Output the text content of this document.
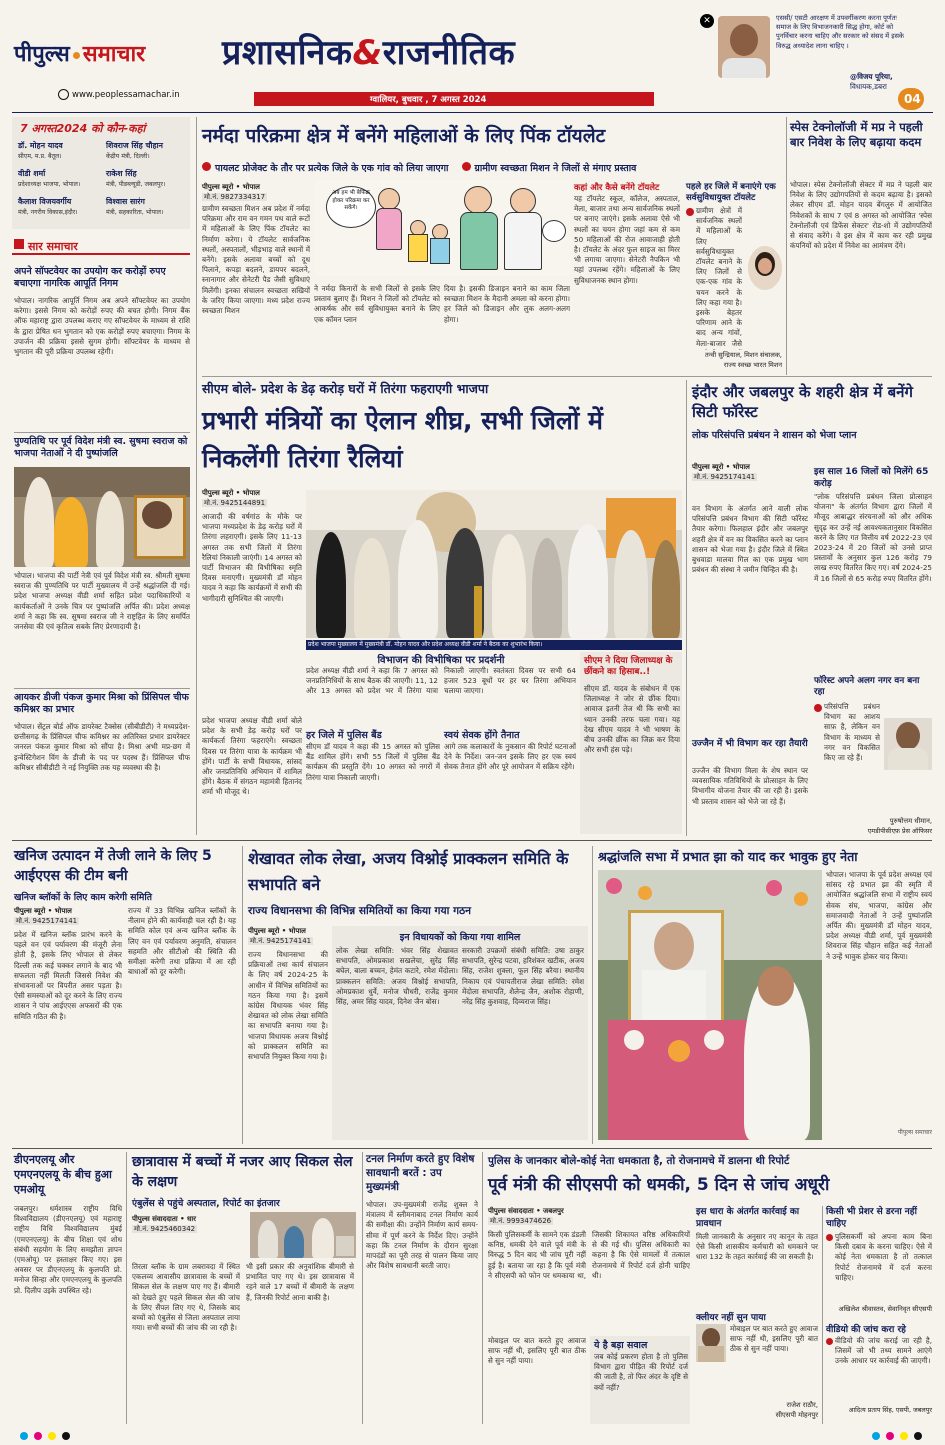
पीपुल्स समाचार
www.peoplessamachar.in
प्रशासनिक&राजनीतिक
ग्वालियर, बुधवार , 7 अगस्त 2024
✕	एससी/ एसटी आरक्षण में उपवर्गीकरण करना पूर्णतः समाज के लिए विभाजनकारी सिद्ध होगा, कोर्ट को पुनर्विचार करना चाहिए और सरकार को संसद में इसके विरुद्ध अध्यादेश लाना चाहिए ।
@विजय पूरिया,
विधायक,डबरा
04
7 अगस्त2024 को कौन-कहां
डॉ. मोहन यादव
सीएम, म.प्र. बैतूल।
शिवराज सिंह चौहान
केंद्रीय मंत्री, दिल्ली।
वीडी शर्मा
प्रदेशाध्यक्ष भाजपा, भोपाल।
राकेश सिंह
मंत्री, पीडब्ल्यूडी, जबलपुर।
कैलाश विजयवर्गीय
मंत्री, नगरीय विकास,इंदौर।
विश्वास सारंग
मंत्री, सहकारिता, भोपाल।
सार समाचार
अपने सॉफ्टवेयर का उपयोग कर करोड़ों रुपए बचाएगा नागरिक आपूर्ति निगम
भोपाल। नागरिक आपूर्ति निगम अब अपने सॉफ्टवेयर का उपयोग करेगा। इससे निगम को करोड़ों रुपए की बचत होगी। निगम बैंक ऑफ महाराष्ट्र द्वारा उपलब्ध कराए गए सॉफ्टवेयर के माध्यम से राशि के द्वारा प्रेषित धन भुगतान को एक करोड़ों रुपए बचाएगा। निगम के उपार्जन की प्रक्रिया इससे सुगम होगी। सॉफ्टवेयर के माध्यम से भुगतान की पूरी प्रक्रिया उपलब्ध रहेगी।
पुण्यतिथि पर पूर्व विदेश मंत्री स्व. सुषमा स्वराज को भाजपा नेताओं ने दी पुष्पांजलि
भोपाल। भाजपा की पार्टी नेत्री एवं पूर्व विदेश मंत्री स्व. श्रीमती सुषमा स्वराज की पुण्यतिथि पर पार्टी मुख्यालय में उन्हें श्रद्धांजलि दी गई। प्रदेश भाजपा अध्यक्ष वीडी शर्मा सहित प्रदेश पदाधिकारियों व कार्यकर्ताओं ने उनके चित्र पर पुष्पांजलि अर्पित की। प्रदेश अध्यक्ष शर्मा ने कहा कि स्व. सुषमा स्वराज जी ने राष्ट्रहित के लिए समर्पित जनसेवा की एवं कृतित्व सबके लिए प्रेरणादायी है।
आयकर डीजी पंकज कुमार मिश्रा को प्रिंसिपल चीफ कमिश्नर का प्रभार
भोपाल। सेंट्रल बोर्ड ऑफ डायरेक्ट टैक्सेस (सीबीडीटी) ने मध्यप्रदेश-छत्तीसगढ़ के प्रिंसिपल चीफ कमिश्नर का अतिरिक्त प्रभार डायरेक्टर जनरल पंकज कुमार मिश्रा को सौंपा है। मिश्रा अभी मप्र-छग में इन्वेस्टिगेशन विंग के डीजी के पद पर पदस्थ हैं। प्रिंसिपल चीफ कमिश्नर सीबीडीटी ने नई नियुक्ति तक यह व्यवस्था की है।
नर्मदा परिक्रमा क्षेत्र में बनेंगे महिलाओं के लिए पिंक टॉयलेट
पायलट प्रोजेक्ट के तौर पर प्रत्येक जिले के एक गांव को लिया जाएगा	ग्रामीण स्वच्छता मिशन ने जिलों से मंगाए प्रस्ताव
पीपुल्स ब्यूरो • भोपाल
मो.नं. 9827334317
ग्रामीण स्वच्छता मिशन अब प्रदेश में नर्मदा परिक्रमा और राम वन गमन पथ वाले रूटों में महिलाओं के लिए पिंक टॉयलेट का निर्माण करेगा। ये टॉयलेट सार्वजनिक स्थलों, अस्पतालों, भीड़भाड़ वाले स्थानों में बनेंगे। इसके अलावा बच्चों को दूध पिलाने, कपड़ा बदलने, डायपर बदलने, स्नानागार और सेनेटरी पैड जैसी सुविधाएं मिलेंगी। इनका संचालन स्वच्छता सखियों के जरिए किया जाएगा। मध्य प्रदेश राज्य स्वच्छता मिशन
अब हम भी बेफिक्र होकर परिक्रमा कर सकेंगे।
ने नर्मदा किनारों के सभी जिलों से इसके लिए प्रस्ताव बुलाए हैं। मिशन ने जिलों को टॉयलेट को आकर्षक और सर्व सुविधायुक्त बनाने के लिए एक कॉमन प्लान
दिया है। इसकी डिजाइन बनाने का काम जिला स्वच्छता मिशन के मैदानी अमला को करना होगा। हर जिले को डिजाइन और लुक अलग-अलग होगा।
कहां और कैसे बनेंगे टॉयलेट
यह टॉयलेट स्कूल, कॉलेज, अस्पताल, मेला, बाजार तथा अन्य सार्वजनिक स्थलों पर बनाए जाएंगे। इसके अलावा ऐसे भी स्थलों का चयन होगा जहां कम से कम 50 महिलाओं की रोज आवाजाही होती है। टॉयलेट के अंदर फुल साइज का मिरर भी लगाया जाएगा। सेनेटरी नैपकिन भी यहां उपलब्ध रहेंगे। महिलाओं के लिए सुविधाजनक स्थान होगा।
पहले हर जिले में बनाएंगे एक सर्वसुविधायुक्त टॉयलेट
ग्रामीण क्षेत्रों में सार्वजनिक स्थलों में महिलाओं के लिए सर्वसुविधायुक्त टॉयलेट बनाने के लिए जिलों से एक-एक गांव के चयन करने के लिए कहा गया है। इसके बेहतर परिणाम आने के बाद अन्य गांवों, मेला-बाजार जैसे
तन्वी सुन्द्रियाल, मिशन संचालक,
राज्य स्वच्छ भारत मिशन
स्पेस टेक्नोलॉजी में मप्र ने पहली बार निवेश के लिए बढ़ाया कदम
भोपाल। स्पेस टेक्नोलॉजी सेक्टर में मप्र ने पहली बार निवेश के लिए उद्योगपतियों से कदम बढ़ाया है। इसको लेकर सीएम डॉ. मोहन यादव बेंगलुरु में आयोजित निवेशकों के साथ 7 एवं 8 अगस्त को आयोजित 'स्पेस टेक्नोलॉजी एवं डिफेंस सेक्टर' रोड-शो में उद्योगपतियों से संवाद करेंगे। वे इस क्षेत्र में काम कर रही प्रमुख कंपनियों को प्रदेश में निवेश का आमंत्रण देंगे।
सीएम बोले- प्रदेश के डेढ़ करोड़ घरों में तिरंगा फहराएगी भाजपा
प्रभारी मंत्रियों का ऐलान शीघ्र, सभी जिलों में निकलेंगी तिरंगा रैलियां
पीपुल्स ब्यूरो • भोपाल
मो.नं. 9425144891
आजादी की वर्षगांठ के मौके पर भाजपा मध्यप्रदेश के डेढ़ करोड़ घरों में तिरंगा लहराएगी। इसके लिए 11-13 अगस्त तक सभी जिलों में तिरंगा रैलियां निकाली जाएंगी। 14 अगस्त को पार्टी विभाजन की विभीषिका स्मृति दिवस मनाएगी। मुख्यमंत्री डॉ मोहन यादव ने कहा कि कार्यक्रमों में सभी की भागीदारी सुनिश्चित की जाएगी।
प्रदेश भाजपा अध्यक्ष वीडी शर्मा बोले प्रदेश के सभी डेढ़ करोड़ घरों पर कार्यकर्ता तिरंगा फहराएंगे। स्वच्छता दिवस पर तिरंगा यात्रा के कार्यक्रम भी होंगे। पार्टी के सभी विधायक, सांसद और जनप्रतिनिधि अभियान में शामिल होंगे। बैठक में संगठन महामंत्री हितानंद शर्मा भी मौजूद थे।
प्रदेश भाजपा मुख्यालय में मुख्यमंत्री डॉ. मोहन यादव और प्रदेश अध्यक्ष वीडी शर्मा ने बैठक का शुभारंभ किया।
विभाजन की विभीषिका पर प्रदर्शनी
प्रदेश अध्यक्ष वीडी शर्मा ने कहा कि 7 अगस्त को जनप्रतिनिधियों के साथ बैठक की जाएगी। 11, 12 और 13 अगस्त को प्रदेश भर में तिरंगा यात्रा निकाली जाएगी। स्वतंत्रता दिवस पर सभी 64 हजार 523 बूथों पर हर घर तिरंगा अभियान चलाया जाएगा।
हर जिले में पुलिस बैंड
सीएम डॉ यादव ने कहा की 15 अगस्त को पुलिस बैंड शामिल होंगे। सभी 55 जिलों में पुलिस बैंड कार्यक्रम की प्रस्तुति देंगे। 10 अगस्त को नगरों में तिरंगा यात्रा निकाली जाएगी।
स्वयं सेवक होंगे तैनात
आगे तक कलाकारों के नुकसान की रिपोर्ट घटनाओं देने के निर्देश। जन-जन इसके लिए हर एक स्वयं सेवक तैनात होंगे और पूरे आयोजन में सक्रिय रहेंगे।
सीएम ने दिया जिलाध्यक्ष के छींकने का हिसाब..!
सीएम डॉ. यादव के संबोधन में एक जिलाध्यक्ष ने जोर से छींक दिया। आवाज इतनी तेज थी कि सभी का ध्यान उनकी तरफ चला गया। यह देख सीएम यादव ने भी भाषण के बीच उनकी छींक का जिक्र कर दिया और सभी हंस पड़े।
इंदौर और जबलपुर के शहरी क्षेत्र में बनेंगे सिटी फॉरेस्ट
लोक परिसंपत्ति प्रबंधन ने शासन को भेजा प्लान
पीपुल्स ब्यूरो • भोपाल
मो.नं. 9425174141
वन विभाग के अंतर्गत आने वाली लोक परिसंपत्ति प्रबंधन विभाग की सिटी फॉरेस्ट तैयार करेगा। फिलहाल इंदौर और जबलपुर शहरी क्षेत्र में वन का विकसित करने का प्लान शासन को भेजा गया है। इंदौर जिले में स्थित बुधवाडा मालवा गिल का एक प्रमुख भाग प्रबंधन की संस्था ने जमीन चिन्हित की है।
उज्जैन में भी विभाग कर रहा तैयारी
उज्जैन की विभाग मिला के शेष स्थान पर व्यवसायिक गतिविधियों के प्रोत्साहन के लिए विभागीय योजना तैयार की जा रही है। इसके भी प्रस्ताव शासन को भेजे जा रहे हैं।
इस साल 16 जिलों को मिलेंगे 65 करोड़
"लोक परिसंपत्ति प्रबंधन जिला प्रोत्साहन योजना" के अंतर्गत विभाग द्वारा जिलों में मौजूद आबाद्धर संरचनाओं को और अधिक सुदृढ़ कर उन्हें नई आवश्यकतानुसार विकसित करने के लिए गत वित्तीय वर्ष 2022-23 एवं 2023-24 में 20 जिलों को उनसे प्राप्त प्रस्तावों के अनुसार कुल 126 करोड़ 79 लाख रुपए वितरित किए गए। वर्ष 2024-25 में 16 जिलों से 65 करोड़ रुपए वितरित होंगे।
फॉरेस्ट अपने अलग नगर वन बना रहा
परिसंपत्ति प्रबंधन विभाग का आशय साफ़ है, लेकिन वन विभाग के माध्यम से नगर वन विकसित किए जा रहे हैं।
पुरुषोत्तम धीमान,
एमडीपीसीएफ़ प्रेस ऑफिसर
खनिज उत्पादन में तेजी लाने के लिए 5 आईएएस की टीम बनी
खनिज ब्लॉकों के लिए काम करेगी समिति
पीपुल्स ब्यूरो • भोपाल
मो.नं. 9425174141
प्रदेश में खनिज ब्लॉक प्रारंभ करने के पहले वन एवं पर्यावरण की मंजूरी लेना होती है, इसके लिए भोपाल से लेकर दिल्ली तक कई चक्कर लगाने के बाद भी सफलता नहीं मिलती जिससे निवेश की संभावनाओं पर विपरीत असर पड़ता है। ऐसी समस्याओं को दूर करने के लिए राज्य शासन ने पांच आईएएस अफसरों की एक समिति गठित की है।
राज्य में 33 विभिन्न खनिज ब्लॉकों के नीलाम होने की कार्यवाही चल रही है। यह समिति कोल एवं अन्य खनिज ब्लॉक के लिए वन एवं पर्यावरण अनुमति, संचालन सहमति और सीटीओ की स्थिति की समीक्षा करेगी तथा प्रक्रिया में आ रही बाधाओं को दूर करेगी।
शेखावत लोक लेखा, अजय विश्नोई प्राक्कलन समिति के सभापति बने
राज्य विधानसभा की विभिन्न समितियों का किया गया गठन
पीपुल्स ब्यूरो • भोपाल
मो.नं. 9425174141
राज्य विधानसभा की प्रक्रियाओं तथा कार्य संचालन के लिए वर्ष 2024-25 के आधीन में विभिन्न समितियों का गठन किया गया है। इसमें कांग्रेस विधायक भंवर सिंह शेखावत को लोक लेखा समिति का सभापति बनाया गया है। भाजपा विधायक अजय विश्नोई को प्राक्कलन समिति का सभापति नियुक्त किया गया है।
इन विधायकों को किया गया शामिल
लोक लेखा समिति: भंवर सिंह शेखावत सभापति, ओमप्रकाश सखलेचा, सुरेंद्र सिंह बघेल, बाला बच्चन, हेमंत कटारे, रमेश मेंदोला। प्राक्कलन समिति: अजय विश्नोई सभापति, ओमप्रकाश धुर्वे, मनोज चौधरी, राजेंद्र कुमार सिंह, अमर सिंह यादव, दिनेश जैन बोस।
सरकारी उपक्रमों संबंधी समिति: उषा ठाकुर सभापति, सुरेन्द्र पटवा, हरिशंकर खटीक, अजय सिंह, राजेश शुक्ला, फूल सिंह बरैया। स्थानीय निकाय एवं पंचायतीराज लेखा समिति: रमेश मेंदोला सभापति, शैलेन्द्र जैन, अशोक रोहाणी, नरेंद्र सिंह कुशवाह, दिव्यराज सिंह।
श्रद्धांजलि सभा में प्रभात झा को याद कर भावुक हुए नेता
भोपाल। भाजपा के पूर्व प्रदेश अध्यक्ष एवं सांसद रहे प्रभात झा की स्मृति में आयोजित श्रद्धांजलि सभा में राष्ट्रीय स्वयं सेवक संघ, भाजपा, कांग्रेस और समाजवादी नेताओं ने उन्हें पुष्पांजलि अर्पित की। मुख्यमंत्री डॉ मोहन यादव, प्रदेश अध्यक्ष वीडी शर्मा, पूर्व मुख्यमंत्री शिवराज सिंह चौहान सहित कई नेताओं ने उन्हें भावुक होकर याद किया।
पीपुल्स समाचार
डीएनएलयू और एमएनएलयू के बीच हुआ एमओयू
जबलपुर। धर्मशास्त्र राष्ट्रीय विधि विश्वविद्यालय (डीएनएलयू) एवं महाराष्ट्र राष्ट्रीय विधि विश्वविद्यालय मुंबई (एमएनएलयू) के बीच शिक्षा एवं शोध संबंधी सहयोग के लिए समझौता ज्ञापन (एमओयू) पर हस्ताक्षर किए गए। इस अवसर पर डीएनएलयू के कुलपति प्रो. मनोज सिन्हा और एमएनएलयू के कुलपति प्रो. दिलीप उइके उपस्थित रहे।
छात्रावास में बच्चों में नजर आए सिकल सेल के लक्षण
एंबुलेंस से पहुंचे अस्पताल, रिपोर्ट का इंतजार
पीपुल्स संवाददाता • धार
मो.नं. 9425460342
तिरला ब्लॉक के ग्राम लबरावदा में स्थित एकलव्य आवासीय छात्रावास के बच्चों में सिकल सेल के लक्षण पाए गए हैं। बीमारी को देखते हुए पहले सिकल सेल की जांच के लिए सैंपल लिए गए थे, जिसके बाद बच्चों को एंबुलेंस से जिला अस्पताल लाया गया। सभी बच्चों की जांच की जा रही है।
भी इसी प्रकार की अनुवांशिक बीमारी से प्रभावित पाए गए थे। इस छात्रावास में रहने वाले 17 बच्चों में बीमारी के लक्षण हैं, जिनकी रिपोर्ट आना बाकी है।
टनल निर्माण करते हुए विशेष सावधानी बरतें : उप मुख्यमंत्री
भोपाल। उप-मुख्यमंत्री राजेंद्र शुक्ल ने मंत्रालय में स्लीमनाबाद टनल निर्माण कार्य की समीक्षा की। उन्होंने निर्माण कार्य समय-सीमा में पूर्ण करने के निर्देश दिए। उन्होंने कहा कि टनल निर्माण के दौरान सुरक्षा मापदंडों का पूरी तरह से पालन किया जाए और विशेष सावधानी बरती जाए।
पुलिस के जानकार बोले-कोई नेता धमकाता है, तो रोजनामचे में डालना थी रिपोर्ट
पूर्व मंत्री की सीएसपी को धमकी, 5 दिन से जांच अधूरी
पीपुल्स संवाददाता • जबलपुर
मो.नं. 9993474626
किसी पुलिसकर्मी के सामने एक डंडली कनिष्ठ, धमकी देने वाले पूर्व मंत्री के विरुद्ध 5 दिन बाद भी जांच पूरी नहीं हुई है। बताया जा रहा है कि पूर्व मंत्री ने सीएसपी को फोन पर धमकाया था, जिसकी शिकायत वरिष्ठ अधिकारियों से की गई थी। पुलिस अधिकारी का कहना है कि ऐसे मामलों में तत्काल रोजनामचे में रिपोर्ट दर्ज होनी चाहिए थी।
ये है बड़ा सवाल
जब कोई प्रकरण होता है तो पुलिस विभाग द्वारा पीड़ित की रिपोर्ट दर्ज की जाती है, तो फिर अंदर के दृष्टि से क्यों नहीं?
मोबाइल पर बात करते हुए आवाज साफ नहीं थी, इसलिए पूरी बात ठीक से सुन नहीं पाया।
इस धारा के अंतर्गत कार्रवाई का प्रावधान
मिली जानकारी के अनुसार नए कानून के तहत ऐसे किसी शासकीय कर्मचारी को धमकाने पर धारा 132 के तहत कार्रवाई की जा सकती है।
क्लीयर नहीं सुन पाया
मोबाइल पर बात करते हुए आवाज साफ नहीं थी, इसलिए पूरी बात ठीक से सुन नहीं पाया।
राजेश राठौर,
सीएसपी मोहनपुर
किसी भी प्रेशर से डरना नहीं चाहिए
पुलिसकर्मी को अपना काम बिना किसी दबाव के करना चाहिए। ऐसे में कोई नेता धमकाता है तो तत्काल रिपोर्ट रोजनामचे में दर्ज करना चाहिए।
अखिलेश श्रीवास्तव, सेवानिवृत सीएसपी
वीडियो की जांच करा रहे
वीडियो की जांच कराई जा रही है, जिसमें जो भी तथ्य सामने आएंगे उनके आधार पर कार्रवाई की जाएगी।
आदित्य प्रताप सिंह, एसपी, जबलपुर
